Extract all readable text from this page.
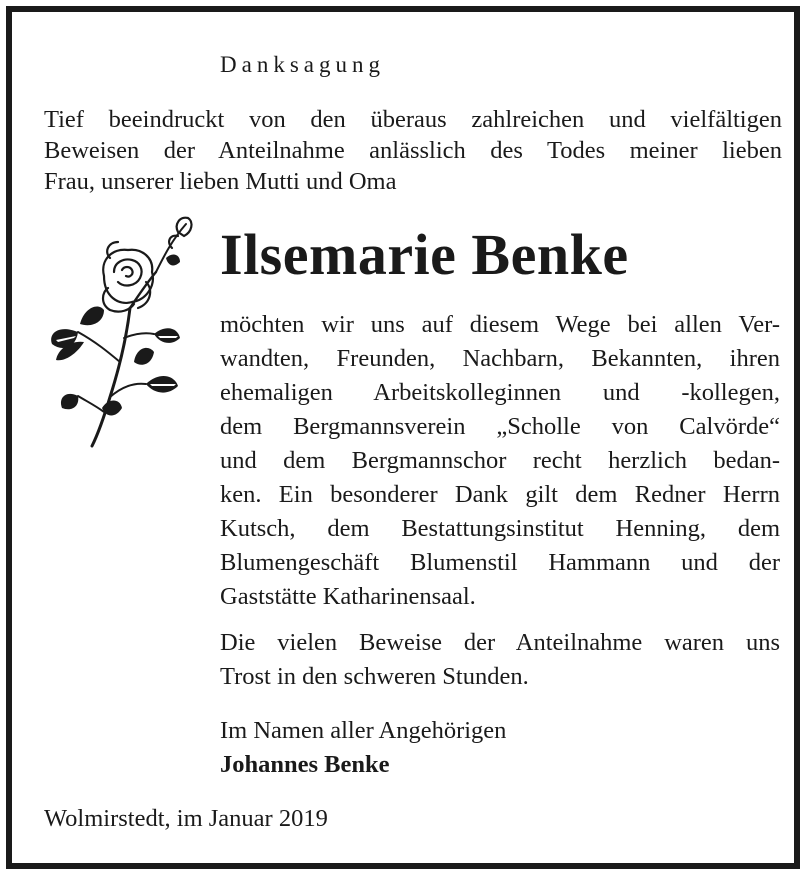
Danksagung
Tief beeindruckt von den überaus zahlreichen und vielfältigen
Beweisen der Anteilnahme anlässlich des Todes meiner lieben
Frau, unserer lieben Mutti und Oma
Ilsemarie Benke
möchten wir uns auf diesem Wege bei allen Ver-
wandten, Freunden, Nachbarn, Bekannten, ihren
ehemaligen Arbeitskolleginnen und -kollegen,
dem Bergmannsverein „Scholle von Calvörde“
und dem Bergmannschor recht herzlich bedan-
ken. Ein besonderer Dank gilt dem Redner Herrn
Kutsch, dem Bestattungsinstitut Henning, dem
Blumengeschäft Blumenstil Hammann und der
Gaststätte Katharinensaal.
Die vielen Beweise der Anteilnahme waren uns
Trost in den schweren Stunden.
Im Namen aller Angehörigen
Johannes Benke
Wolmirstedt, im Januar 2019
